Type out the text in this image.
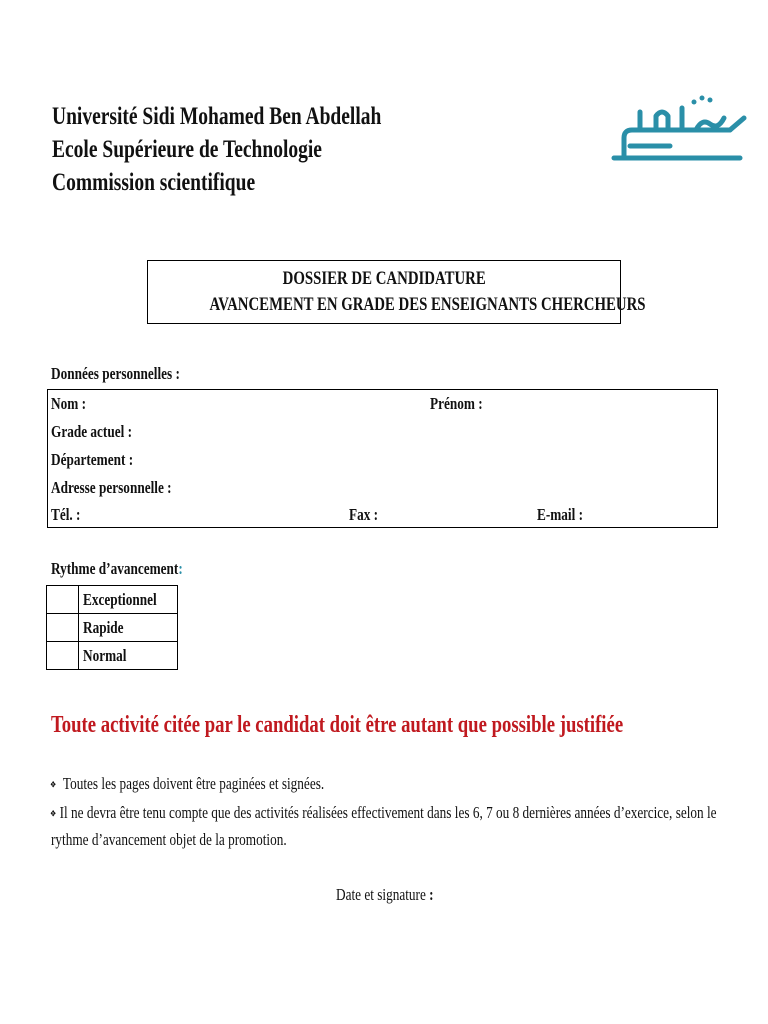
Université Sidi Mohamed Ben Abdellah
Ecole Supérieure de Technologie
Commission scientifique
DOSSIER DE CANDIDATURE
AVANCEMENT EN GRADE DES ENSEIGNANTS CHERCHEURS
Données personnelles :
Nom :	Prénom :
Grade actuel :
Département :
Adresse personnelle :
Tél. :	Fax :	E-mail :
Rythme d’avancement:
	Exceptionnel
	Rapide
	Normal
Toute activité citée par le candidat doit être autant que possible justifiée
❖ Toutes les pages doivent être paginées et signées.
❖ Il ne devra être tenu compte que des activités réalisées effectivement dans les 6, 7 ou 8 dernières années d’exercice, selon le
rythme d’avancement objet de la promotion.
Date et signature :
